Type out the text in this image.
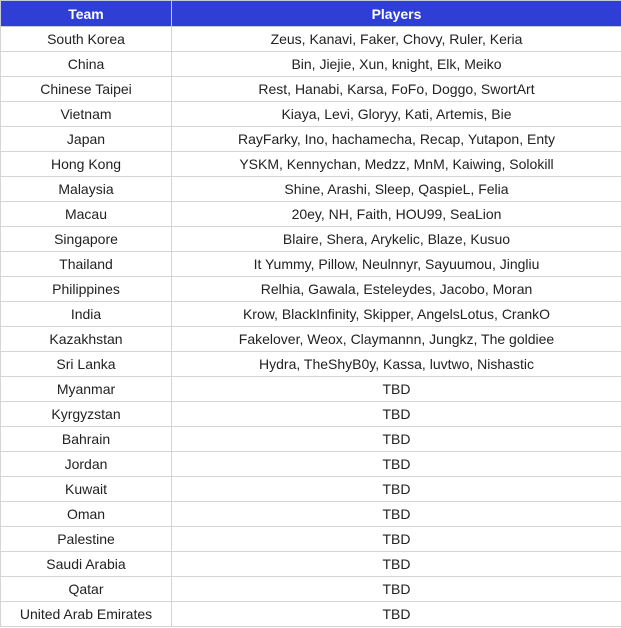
Team	Players
South Korea	Zeus, Kanavi, Faker, Chovy, Ruler, Keria
China	Bin, Jiejie, Xun, knight, Elk, Meiko
Chinese Taipei	Rest, Hanabi, Karsa, FoFo, Doggo, SwortArt
Vietnam	Kiaya, Levi, Gloryy, Kati, Artemis, Bie
Japan	RayFarky, Ino, hachamecha, Recap, Yutapon, Enty
Hong Kong	YSKM, Kennychan, Medzz, MnM, Kaiwing, Solokill
Malaysia	Shine, Arashi, Sleep, QaspieL, Felia
Macau	20ey, NH, Faith, HOU99, SeaLion
Singapore	Blaire, Shera, Arykelic, Blaze, Kusuo
Thailand	It Yummy, Pillow, Neulnnyr, Sayuumou, Jingliu
Philippines	Relhia, Gawala, Esteleydes, Jacobo, Moran
India	Krow, BlackInfinity, Skipper, AngelsLotus, CrankO
Kazakhstan	Fakelover, Weox, Claymannn, Jungkz, The goldiee
Sri Lanka	Hydra, TheShyB0y, Kassa, luvtwo, Nishastic
Myanmar	TBD
Kyrgyzstan	TBD
Bahrain	TBD
Jordan	TBD
Kuwait	TBD
Oman	TBD
Palestine	TBD
Saudi Arabia	TBD
Qatar	TBD
United Arab Emirates	TBD
